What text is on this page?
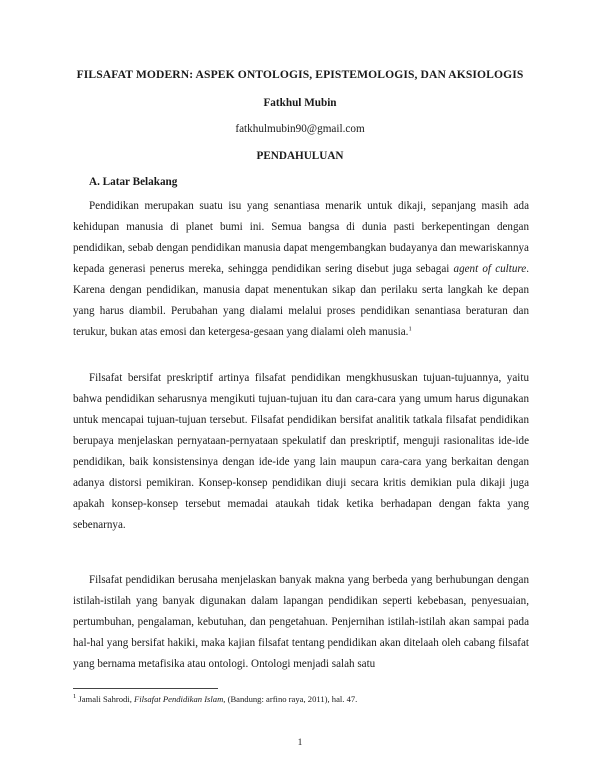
FILSAFAT MODERN: ASPEK ONTOLOGIS, EPISTEMOLOGIS, DAN AKSIOLOGIS
Fatkhul Mubin
fatkhulmubin90@gmail.com
PENDAHULUAN
A. Latar Belakang

Pendidikan merupakan suatu isu yang senantiasa menarik untuk dikaji, sepanjang masih ada kehidupan manusia di planet bumi ini. Semua bangsa di dunia pasti berkepentingan dengan pendidikan, sebab dengan pendidikan manusia dapat mengembangkan budayanya dan mewariskannya kepada generasi penerus mereka, sehingga pendidikan sering disebut juga sebagai agent of culture. Karena dengan pendidikan, manusia dapat menentukan sikap dan perilaku serta langkah ke depan yang harus diambil. Perubahan yang dialami melalui proses pendidikan senantiasa beraturan dan terukur, bukan atas emosi dan ketergesa-gesaan yang dialami oleh manusia.$^1$

Filsafat bersifat preskriptif artinya filsafat pendidikan mengkhususkan tujuan-tujuannya, yaitu bahwa pendidikan seharusnya mengikuti tujuan-tujuan itu dan cara-cara yang umum harus digunakan untuk mencapai tujuan-tujuan tersebut. Filsafat pendidikan bersifat analitik tatkala filsafat pendidikan berupaya menjelaskan pernyataan-pernyataan spekulatif dan preskriptif, menguji rasionalitas ide-ide pendidikan, baik konsistensinya dengan ide-ide yang lain maupun cara-cara yang berkaitan dengan adanya distorsi pemikiran. Konsep-konsep pendidikan diuji secara kritis demikian pula dikaji juga apakah konsep-konsep tersebut memadai ataukah tidak ketika berhadapan dengan fakta yang sebenarnya.

Filsafat pendidikan berusaha menjelaskan banyak makna yang berbeda yang berhubungan dengan istilah-istilah yang banyak digunakan dalam lapangan pendidikan seperti kebebasan, penyesuaian, pertumbuhan, pengalaman, kebutuhan, dan pengetahuan. Penjernihan istilah-istilah akan sampai pada hal-hal yang bersifat hakiki, maka kajian filsafat tentang pendidikan akan ditelaah oleh cabang filsafat yang bernama metafisika atau ontologi. Ontologi menjadi salah satu

$^1$ Jamali Sahrodi, Filsafat Pendidikan Islam, (Bandung: arfino raya, 2011), hal. 47.
1
